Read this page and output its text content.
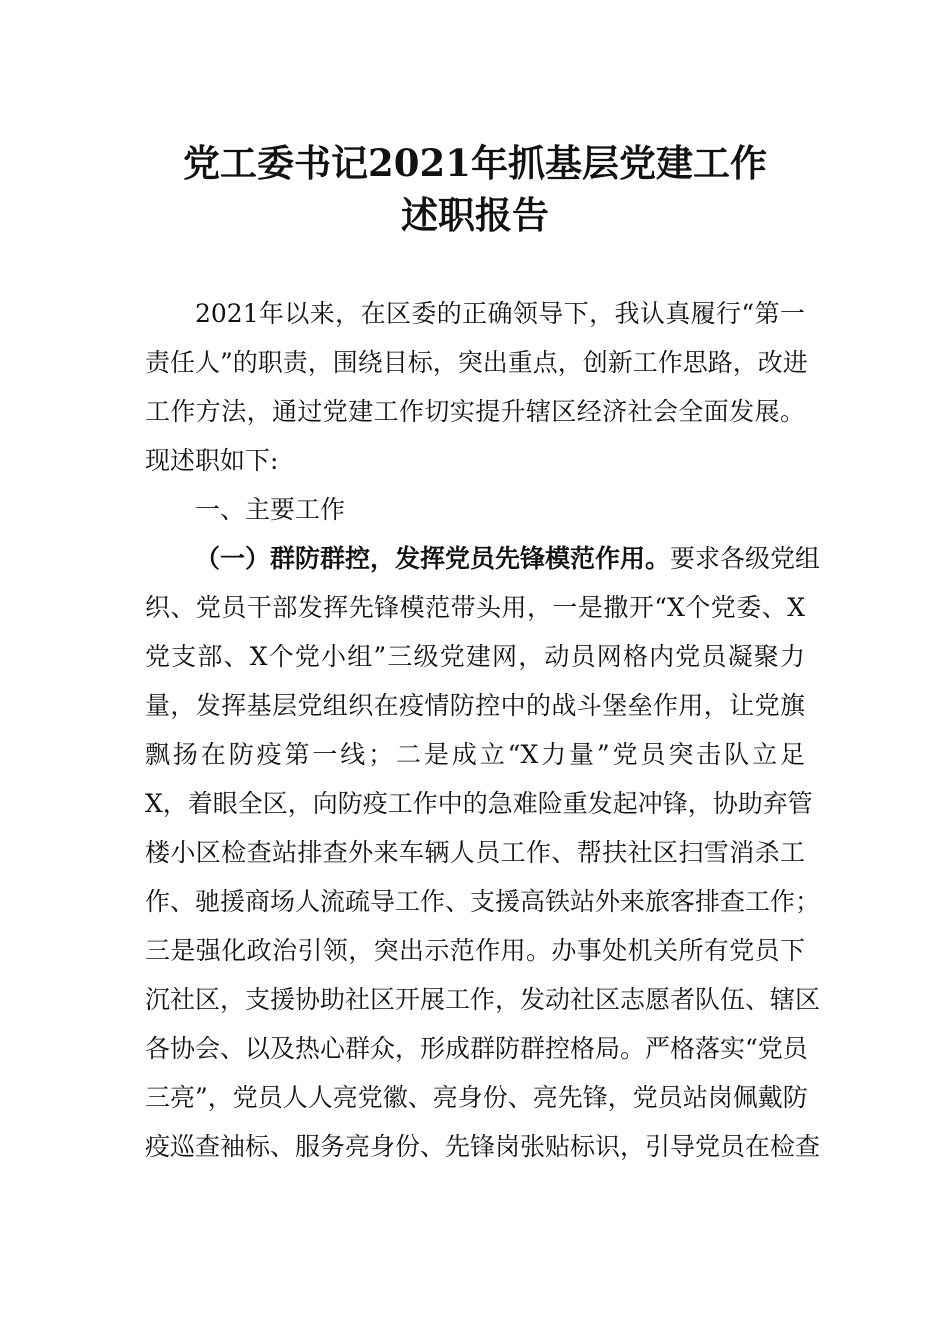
党工委书记2021年抓基层党建工作
述职报告
2021年以来，在区委的正确领导下，我认真履行“第一
责任人”的职责，围绕目标，突出重点，创新工作思路，改进
工作方法，通过党建工作切实提升辖区经济社会全面发展。
现述职如下:
一、主要工作
（一）群防群控，发挥党员先锋模范作用。要求各级党组
织、党员干部发挥先锋模范带头用，一是撒开“X个党委、X
党支部、X个党小组”三级党建网，动员网格内党员凝聚力
量，发挥基层党组织在疫情防控中的战斗堡垒作用，让党旗
飘扬在防疫第一线；二是成立“X力量”党员突击队立足
X，着眼全区，向防疫工作中的急难险重发起冲锋，协助弃管
楼小区检查站排查外来车辆人员工作、帮扶社区扫雪消杀工
作、驰援商场人流疏导工作、支援高铁站外来旅客排查工作；
三是强化政治引领，突出示范作用。办事处机关所有党员下
沉社区，支援协助社区开展工作，发动社区志愿者队伍、辖区
各协会、以及热心群众，形成群防群控格局。严格落实“党员
三亮”，党员人人亮党徽、亮身份、亮先锋，党员站岗佩戴防
疫巡查袖标、服务亮身份、先锋岗张贴标识，引导党员在检查
